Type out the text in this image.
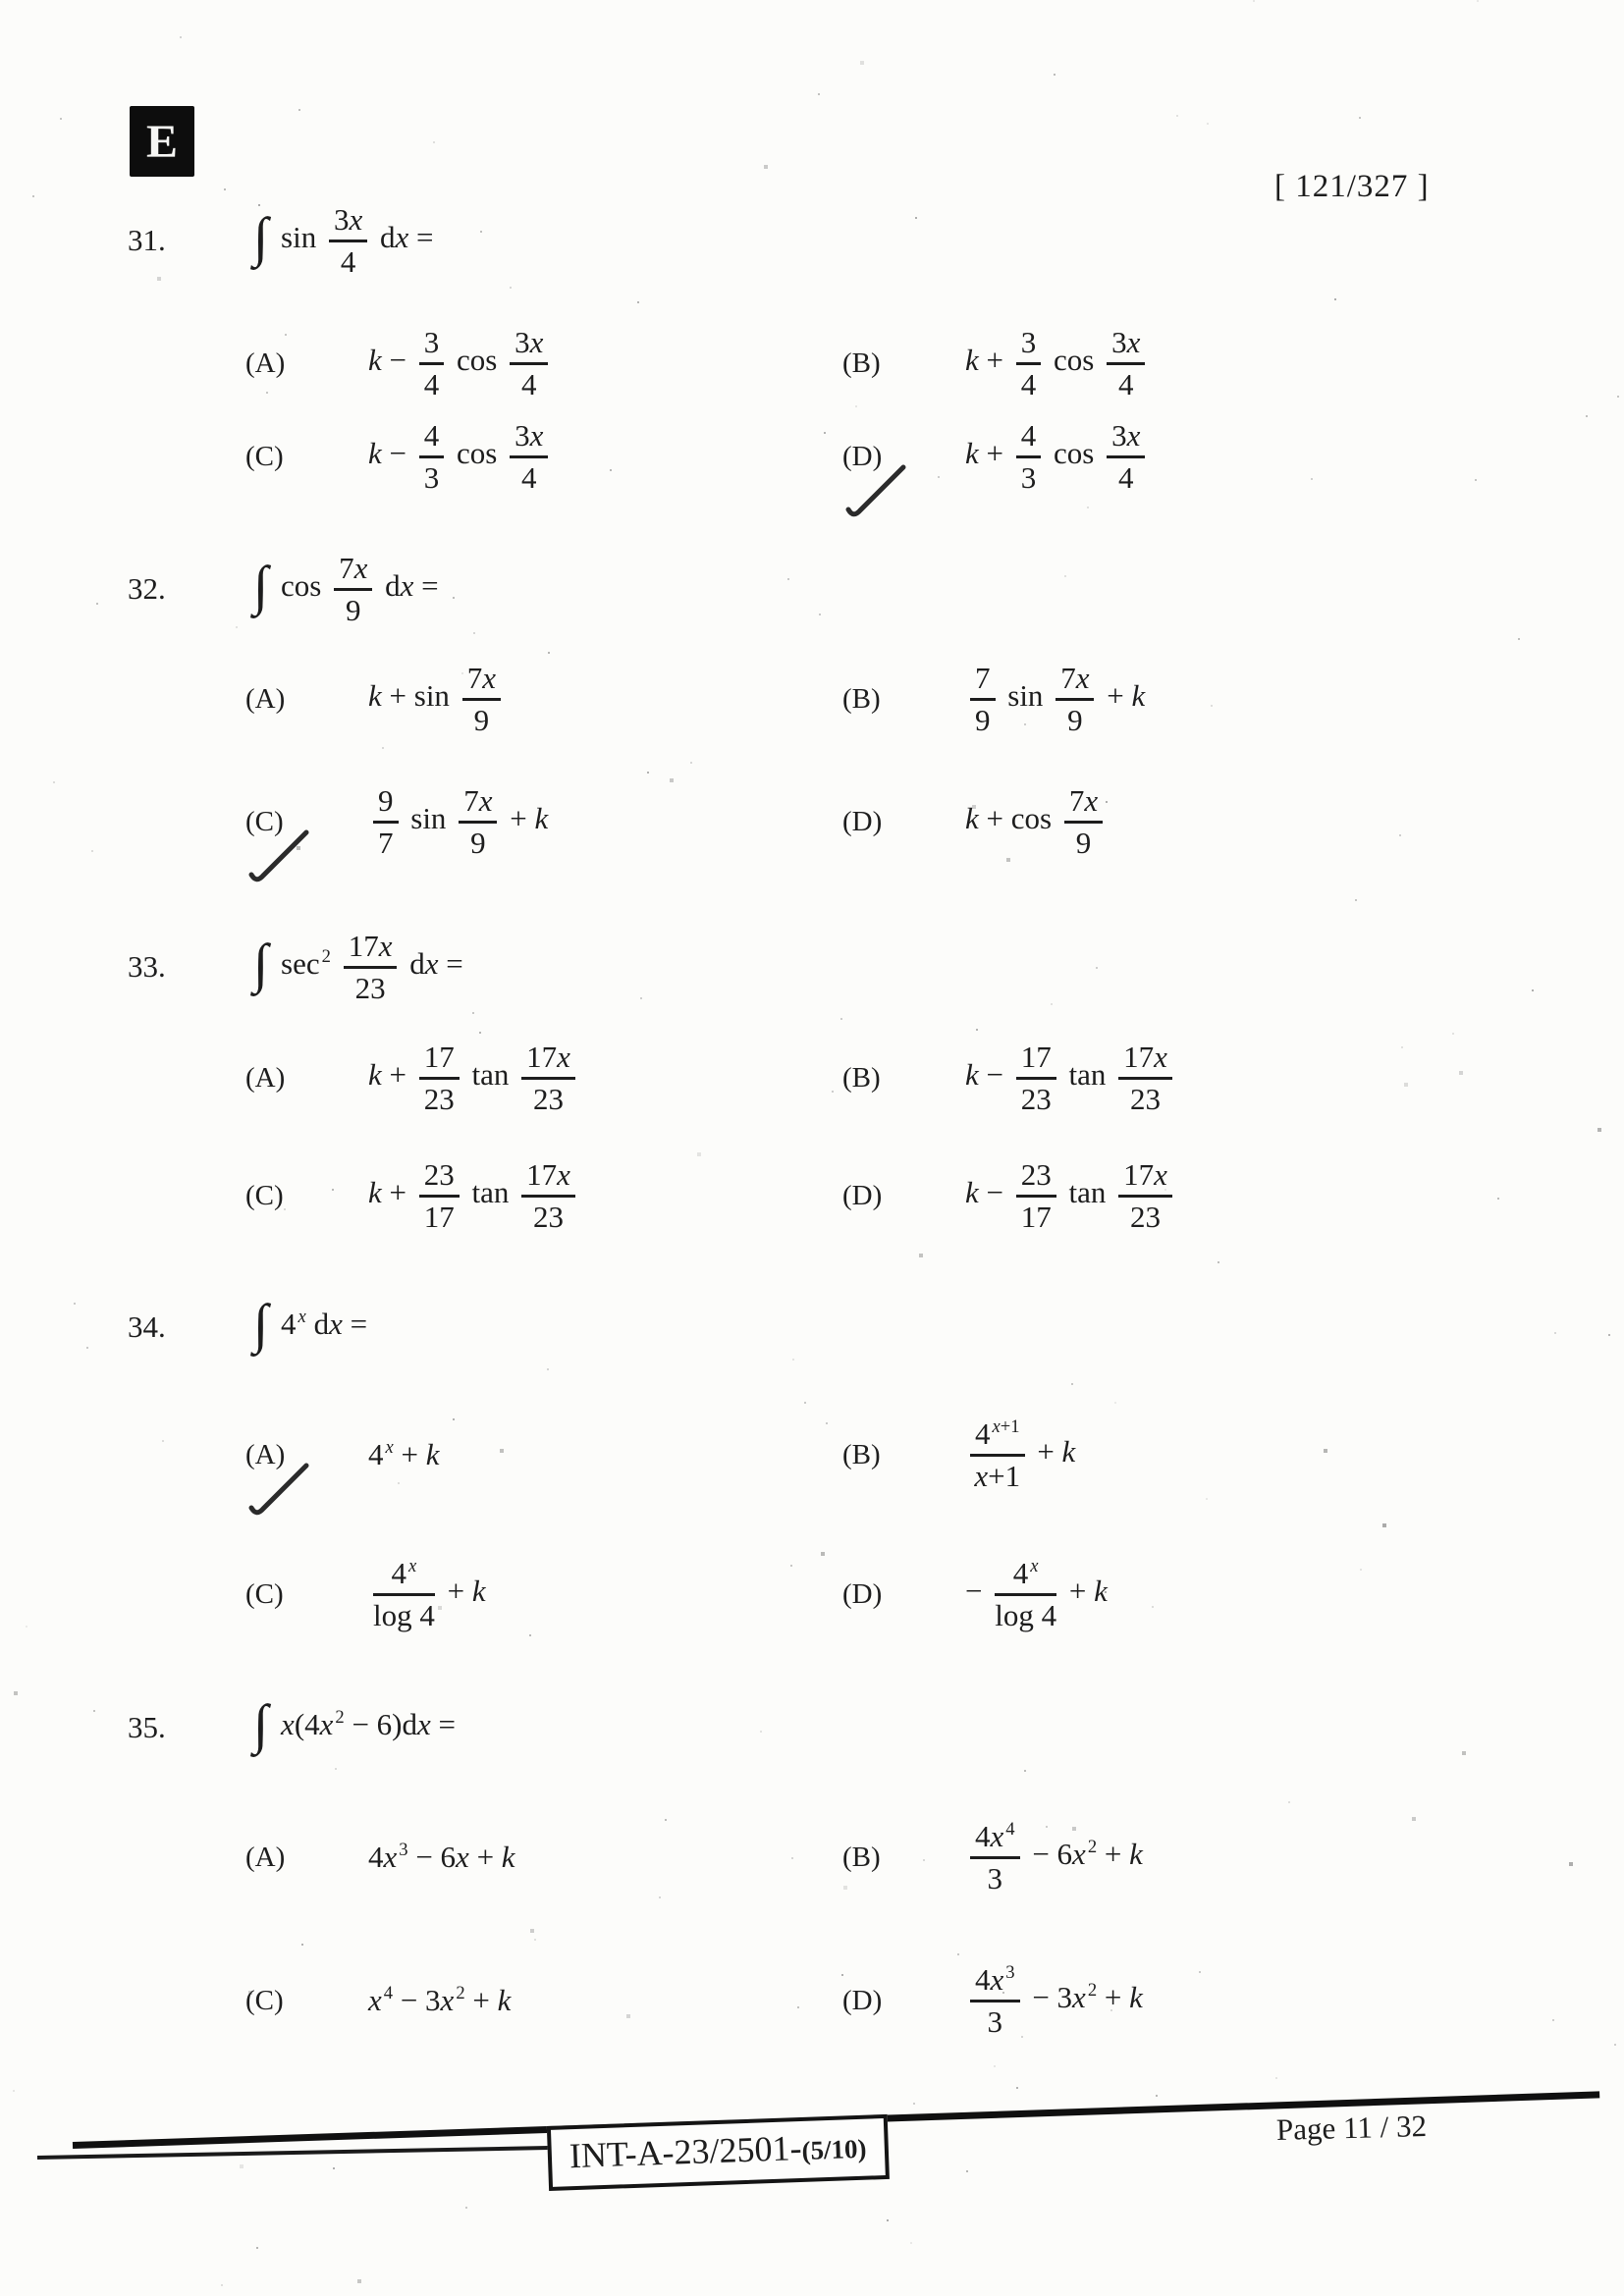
E
[ 121/327 ]
31.	∫ $\sin \frac{3x}{4}$ dx =
(A)	$k - \frac{3}{4}$ $\cos \frac{3x}{4}$	(B)	$k + \frac{3}{4}$ $\cos \frac{3x}{4}$
(C)	$k - \frac{4}{3}$ $\cos \frac{3x}{4}$	(D)	$k + \frac{4}{3}$ $\cos \frac{3x}{4}$
32.	∫ $\cos \frac{7x}{9}$ dx =
(A)	$k + \sin \frac{7x}{9}$	(B)	$\frac{7}{9}$ $\sin \frac{7x}{9} + k$
(C)	$\frac{9}{7}$ $\sin \frac{7x}{9} + k$	(D)	$k + \cos \frac{7x}{9}$
33.	∫ $\sec ^2 \frac{17x}{23}$ dx =
(A)	$k + \frac{17}{23}$ $\tan \frac{17x}{23}$	(B)	$k - \frac{17}{23}$ $\tan \frac{17x}{23}$
(C)	$k + \frac{23}{17}$ $\tan \frac{17x}{23}$	(D)	$k - \frac{23}{17}$ $\tan \frac{17x}{23}$
34.	∫ 4 $^x$ dx =
(A)	4 $^x$ + k	(B)	$\frac{4 ^{x+1}}{x+1} + k$
(C)	$\frac{4 ^x}{\log 4} + k$	(D)	− $\frac{4 ^x}{\log 4} + k$
35.	∫ x(4x $^2$ − 6)dx =
(A)	4x $^3$ − 6x + k	(B)	$\frac{4x ^4}{3} - 6x$ $^2$ + k
(C)	x $^4$ − 3x $^2$ + k	(D)	$\frac{4x ^3}{3} - 3x$ $^2$ + k
INT-A-23/2501-(5/10)
Page 11 / 32
